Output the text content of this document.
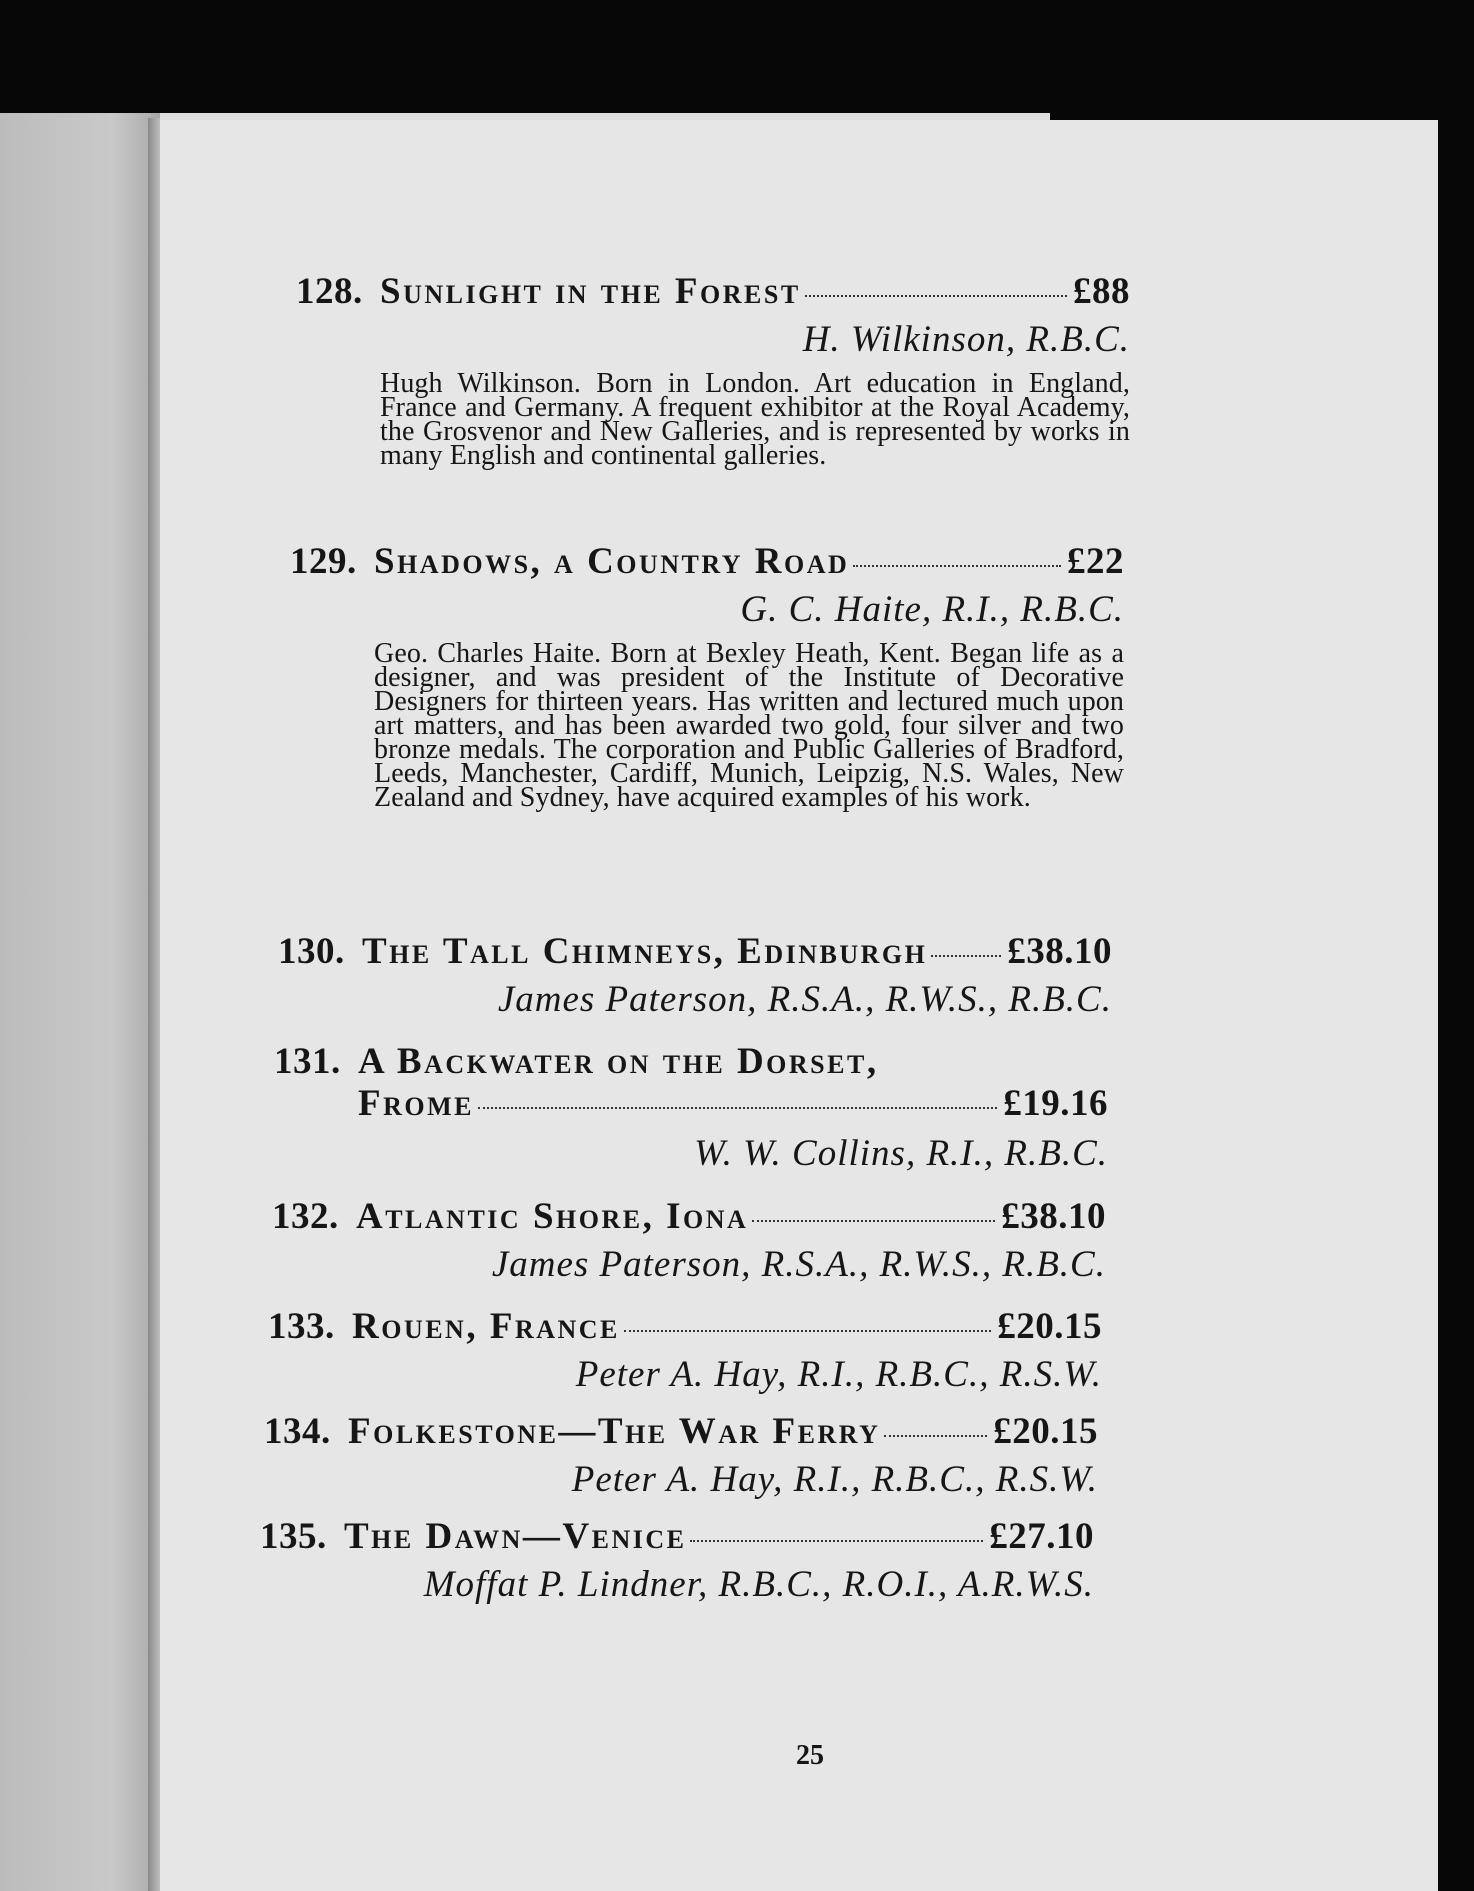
128. Sunlight in the Forest	£88
H. Wilkinson, R.B.C.
Hugh Wilkinson. Born in London. Art education in England, France and Germany. A frequent exhibitor at the Royal Academy, the Grosvenor and New Galleries, and is represented by works in many English and continental galleries.
129. Shadows, a Country Road	£22
G. C. Haite, R.I., R.B.C.
Geo. Charles Haite. Born at Bexley Heath, Kent. Began life as a designer, and was president of the Institute of Decorative Designers for thirteen years. Has written and lectured much upon art matters, and has been awarded two gold, four silver and two bronze medals. The corporation and Public Galleries of Bradford, Leeds, Manchester, Cardiff, Munich, Leipzig, N.S. Wales, New Zealand and Sydney, have acquired examples of his work.
130. The Tall Chimneys, Edinburgh £38.10
James Paterson, R.S.A., R.W.S., R.B.C.
131. A Backwater on the Dorset,
Frome	£19.16
W. W. Collins, R.I., R.B.C.
132. Atlantic Shore, Iona	£38.10
James Paterson, R.S.A., R.W.S., R.B.C.
133. Rouen, France	£20.15
Peter A. Hay, R.I., R.B.C., R.S.W.
134. Folkestone—The War Ferry	£20.15
Peter A. Hay, R.I., R.B.C., R.S.W.
135. The Dawn—Venice	£27.10
Moffat P. Lindner, R.B.C., R.O.I., A.R.W.S.
25
